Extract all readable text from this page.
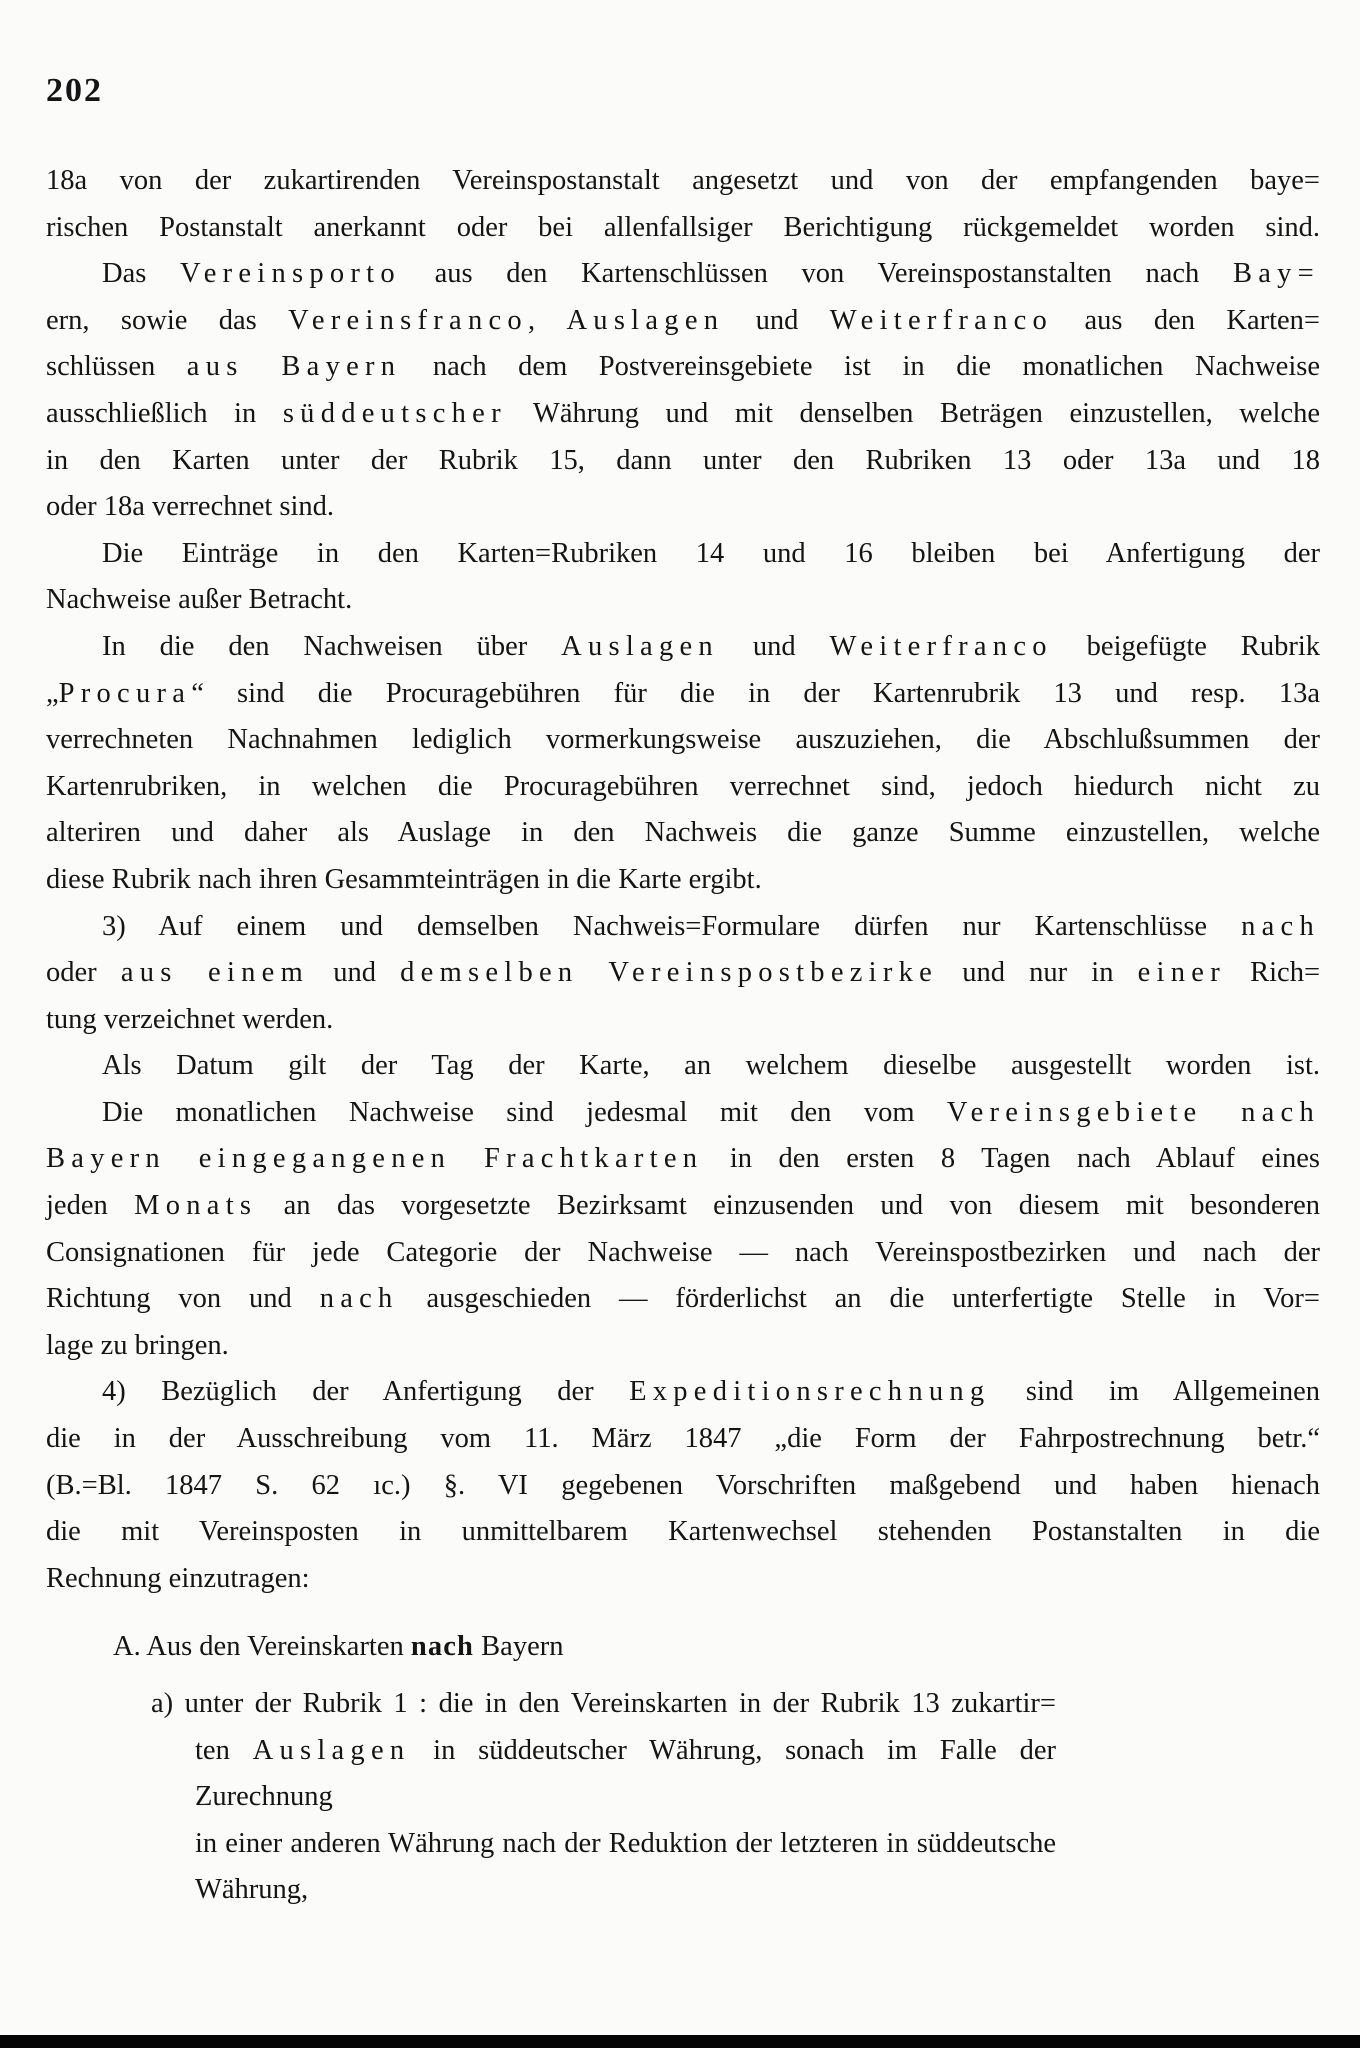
202
18a von der zukartirenden Vereinspostanstalt angesetzt und von der empfangenden baye=
rischen Postanstalt anerkannt oder bei allenfallsiger Berichtigung rückgemeldet worden sind.
Das Vereinsporto aus den Kartenschlüssen von Vereinspostanstalten nach Bay=
ern, sowie das Vereinsfranco, Auslagen und Weiterfranco aus den Karten=
schlüssen aus Bayern nach dem Postvereinsgebiete ist in die monatlichen Nachweise
ausschließlich in süddeutscher Währung und mit denselben Beträgen einzustellen, welche
in den Karten unter der Rubrik 15, dann unter den Rubriken 13 oder 13a und 18
oder 18a verrechnet sind.
Die Einträge in den Karten=Rubriken 14 und 16 bleiben bei Anfertigung der
Nachweise außer Betracht.
In die den Nachweisen über Auslagen und Weiterfranco beigefügte Rubrik
„Procura“ sind die Procuragebühren für die in der Kartenrubrik 13 und resp. 13a
verrechneten Nachnahmen lediglich vormerkungsweise auszuziehen, die Abschlußsummen der
Kartenrubriken, in welchen die Procuragebühren verrechnet sind, jedoch hiedurch nicht zu
alteriren und daher als Auslage in den Nachweis die ganze Summe einzustellen, welche
diese Rubrik nach ihren Gesammteinträgen in die Karte ergibt.
3) Auf einem und demselben Nachweis=Formulare dürfen nur Kartenschlüsse nach
oder aus einem und demselben Vereinspostbezirke und nur in einer Rich=
tung verzeichnet werden.
Als Datum gilt der Tag der Karte, an welchem dieselbe ausgestellt worden ist.
Die monatlichen Nachweise sind jedesmal mit den vom Vereinsgebiete nach
Bayern eingegangenen Frachtkarten in den ersten 8 Tagen nach Ablauf eines
jeden Monats an das vorgesetzte Bezirksamt einzusenden und von diesem mit besonderen
Consignationen für jede Categorie der Nachweise — nach Vereinspostbezirken und nach der
Richtung von und nach ausgeschieden — förderlichst an die unterfertigte Stelle in Vor=
lage zu bringen.
4) Bezüglich der Anfertigung der Expeditionsrechnung sind im Allgemeinen
die in der Ausschreibung vom 11. März 1847 „die Form der Fahrpostrechnung betr.“
(B.=Bl. 1847 S. 62 ıc.) §. VI gegebenen Vorschriften maßgebend und haben hienach
die mit Vereinsposten in unmittelbarem Kartenwechsel stehenden Postanstalten in die
Rechnung einzutragen:
A. Aus den Vereinskarten nach Bayern
a) unter der Rubrik 1 : die in den Vereinskarten in der Rubrik 13 zukartir=
ten Auslagen in süddeutscher Währung, sonach im Falle der Zurechnung
in einer anderen Währung nach der Reduktion der letzteren in süddeutsche
Währung,
